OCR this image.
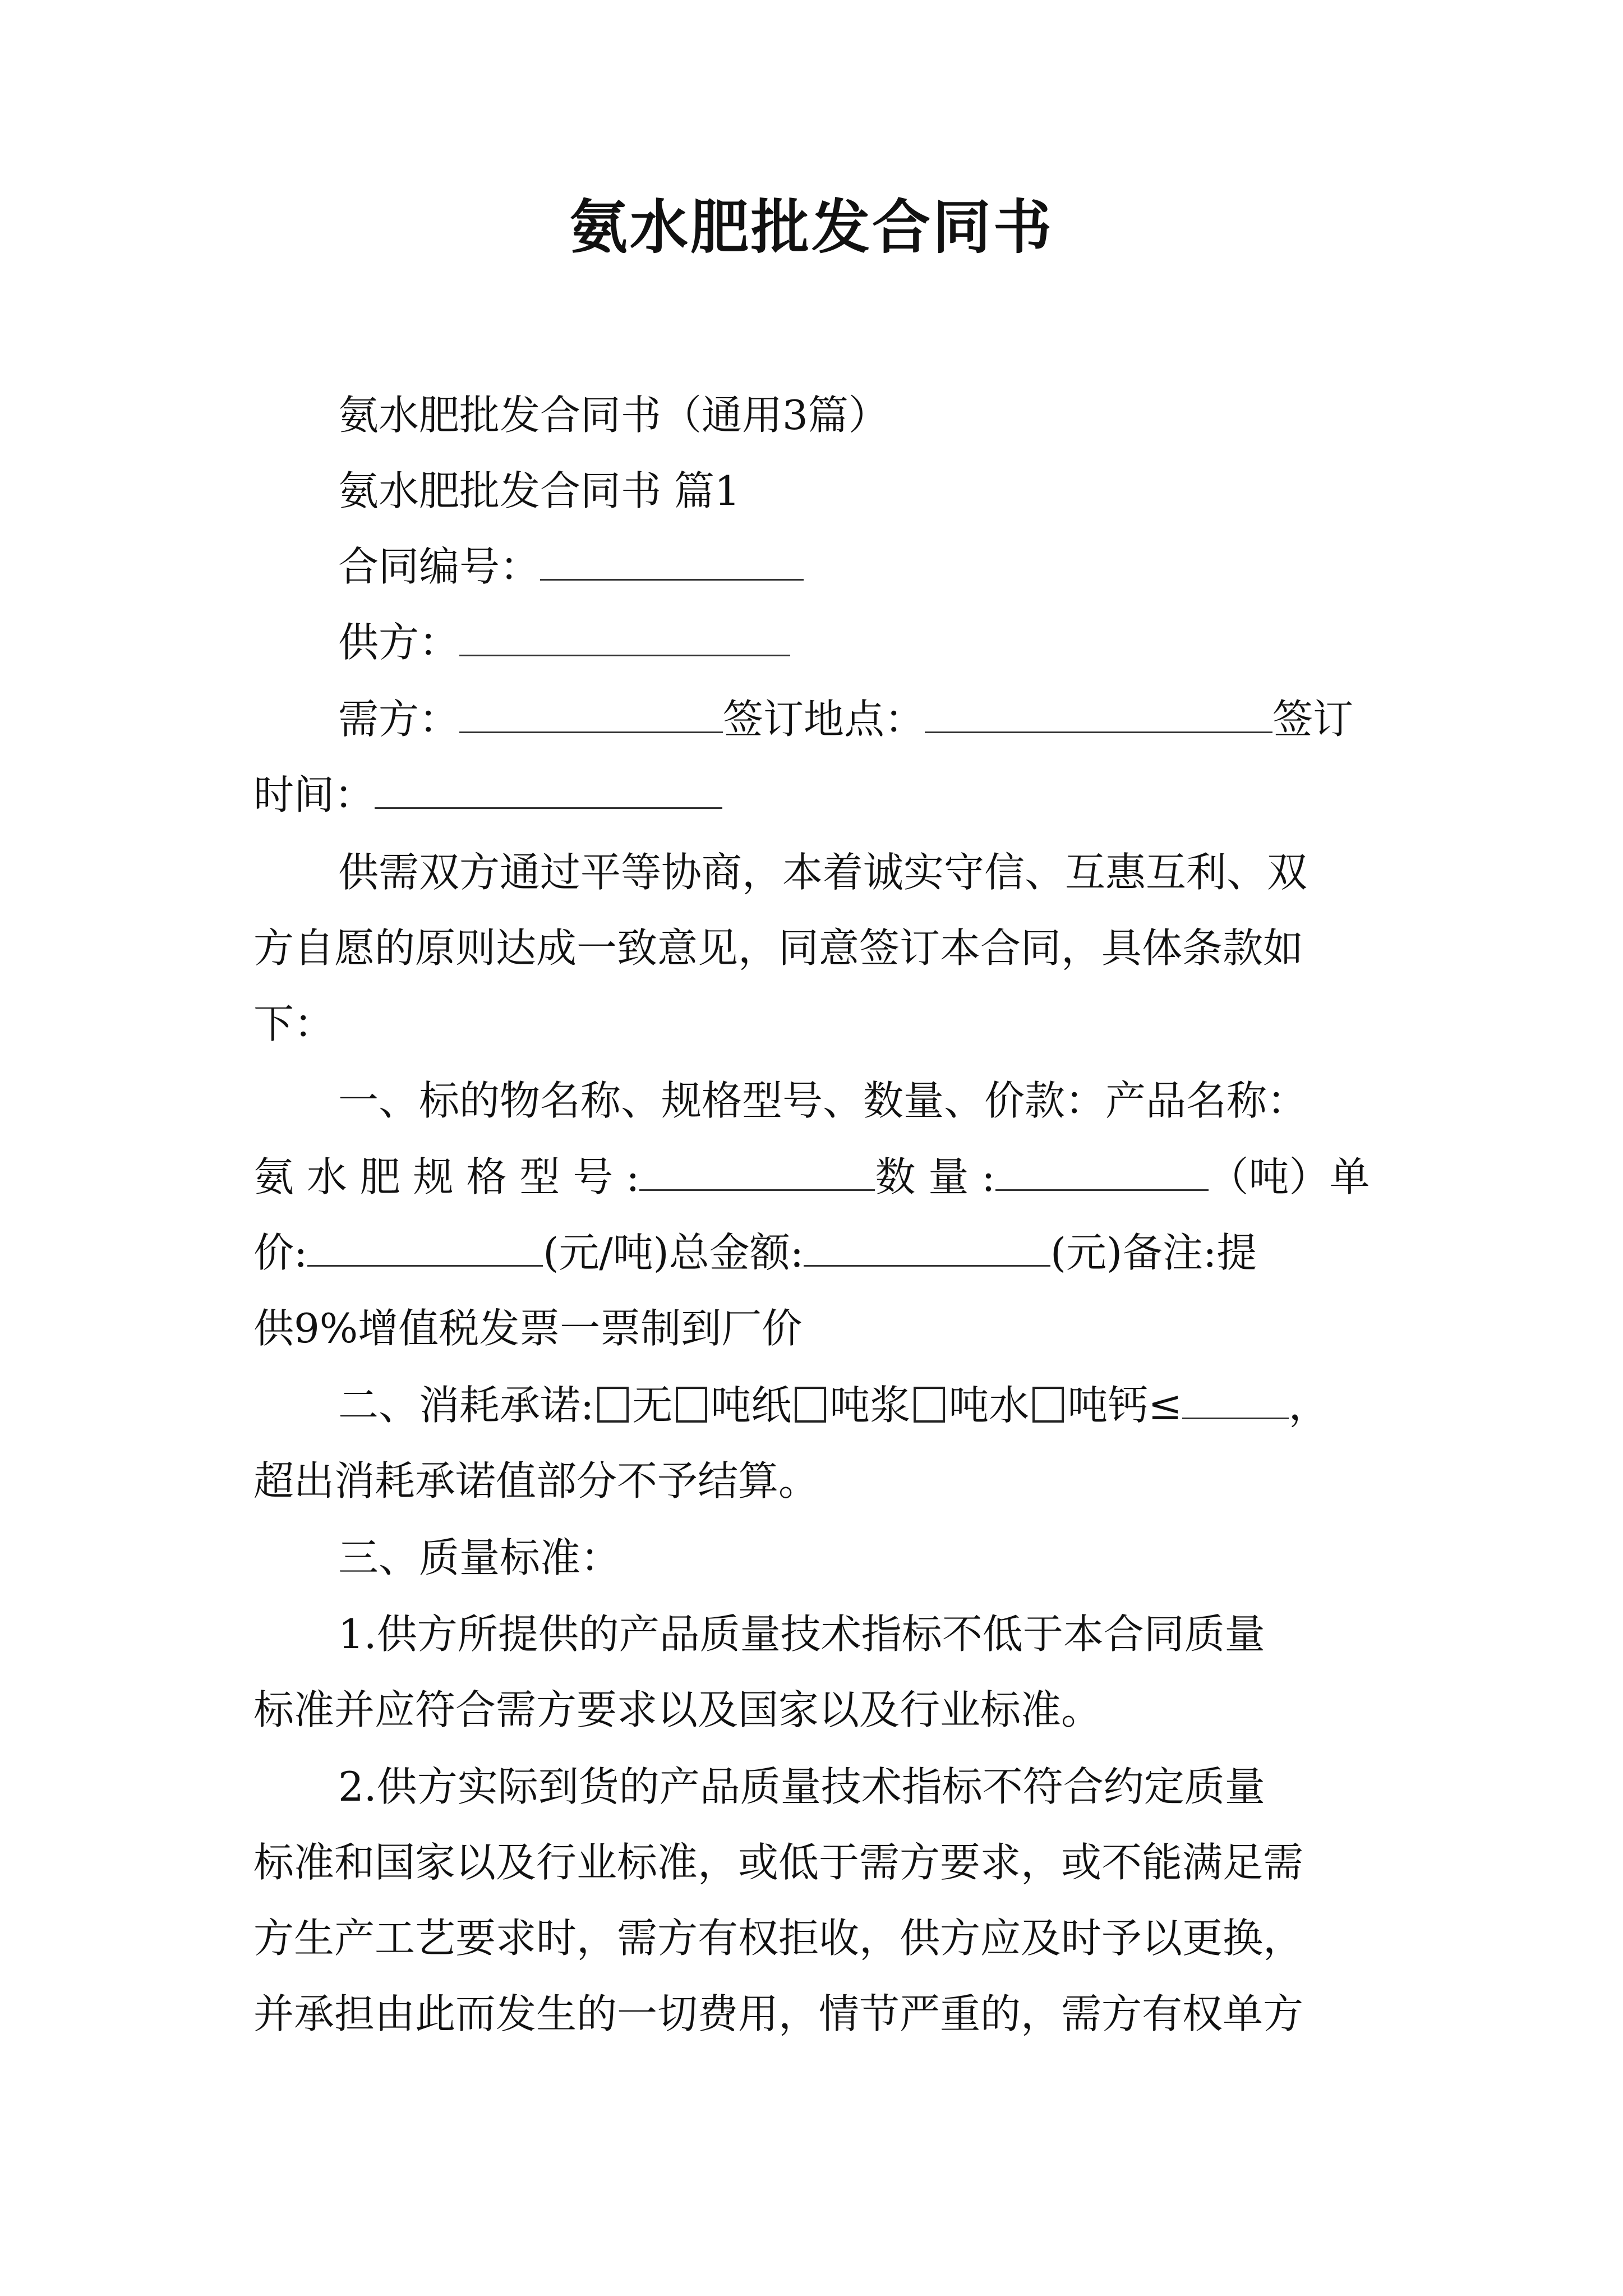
氨水肥批发合同书
氨水肥批发合同书（通用3篇）
氨水肥批发合同书 篇1
合同编号：
供方：
需方：	签订地点：	签订
时间：
供需双方通过平等协商，本着诚实守信、互惠互利、双
方自愿的原则达成一致意见，同意签订本合同，具体条款如
下：
一、标的物名称、规格型号、数量、价款：产品名称：
氨 水 肥 规 格 型 号 :	数 量 :	（吨）单
价:	(元/吨)总金额:	(元)备注:提
供9%增值税发票一票制到厂价
二、消耗承诺: 无 吨纸 吨浆 吨水 吨钙≤	，
超出消耗承诺值部分不予结算。
三、质量标准：
1.供方所提供的产品质量技术指标不低于本合同质量
标准并应符合需方要求以及国家以及行业标准。
2.供方实际到货的产品质量技术指标不符合约定质量
标准和国家以及行业标准，或低于需方要求，或不能满足需
方生产工艺要求时，需方有权拒收，供方应及时予以更换，
并承担由此而发生的一切费用，情节严重的，需方有权单方
